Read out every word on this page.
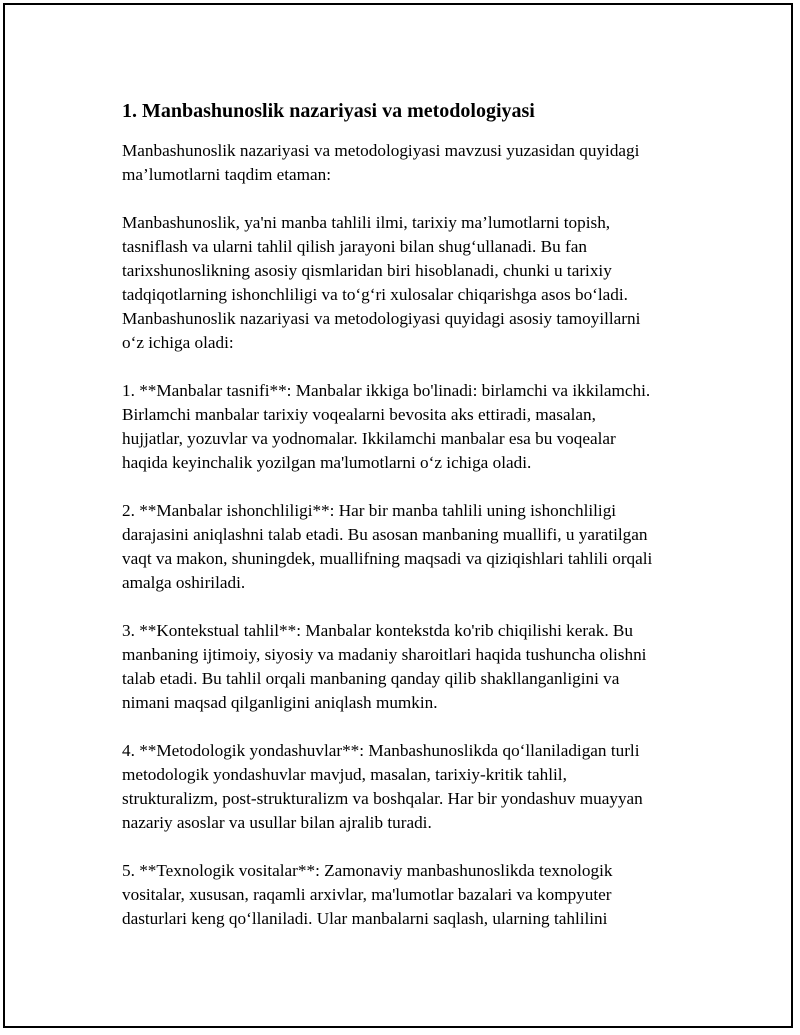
1. Manbashunoslik nazariyasi va metodologiyasi
Manbashunoslik nazariyasi va metodologiyasi mavzusi yuzasidan quyidagi
ma’lumotlarni taqdim etaman:
Manbashunoslik, ya'ni manba tahlili ilmi, tarixiy ma’lumotlarni topish,
tasniflash va ularni tahlil qilish jarayoni bilan shug‘ullanadi. Bu fan
tarixshunoslikning asosiy qismlaridan biri hisoblanadi, chunki u tarixiy
tadqiqotlarning ishonchliligi va to‘g‘ri xulosalar chiqarishga asos bo‘ladi.
Manbashunoslik nazariyasi va metodologiyasi quyidagi asosiy tamoyillarni
o‘z ichiga oladi:
1. **Manbalar tasnifi**: Manbalar ikkiga bo'linadi: birlamchi va ikkilamchi.
Birlamchi manbalar tarixiy voqealarni bevosita aks ettiradi, masalan,
hujjatlar, yozuvlar va yodnomalar. Ikkilamchi manbalar esa bu voqealar
haqida keyinchalik yozilgan ma'lumotlarni o‘z ichiga oladi.
2. **Manbalar ishonchliligi**: Har bir manba tahlili uning ishonchliligi
darajasini aniqlashni talab etadi. Bu asosan manbaning muallifi, u yaratilgan
vaqt va makon, shuningdek, muallifning maqsadi va qiziqishlari tahlili orqali
amalga oshiriladi.
3. **Kontekstual tahlil**: Manbalar kontekstda ko'rib chiqilishi kerak. Bu
manbaning ijtimoiy, siyosiy va madaniy sharoitlari haqida tushuncha olishni
talab etadi. Bu tahlil orqali manbaning qanday qilib shakllanganligini va
nimani maqsad qilganligini aniqlash mumkin.
4. **Metodologik yondashuvlar**: Manbashunoslikda qo‘llaniladigan turli
metodologik yondashuvlar mavjud, masalan, tarixiy-kritik tahlil,
strukturalizm, post-strukturalizm va boshqalar. Har bir yondashuv muayyan
nazariy asoslar va usullar bilan ajralib turadi.
5. **Texnologik vositalar**: Zamonaviy manbashunoslikda texnologik
vositalar, xususan, raqamli arxivlar, ma'lumotlar bazalari va kompyuter
dasturlari keng qo‘llaniladi. Ular manbalarni saqlash, ularning tahlilini
